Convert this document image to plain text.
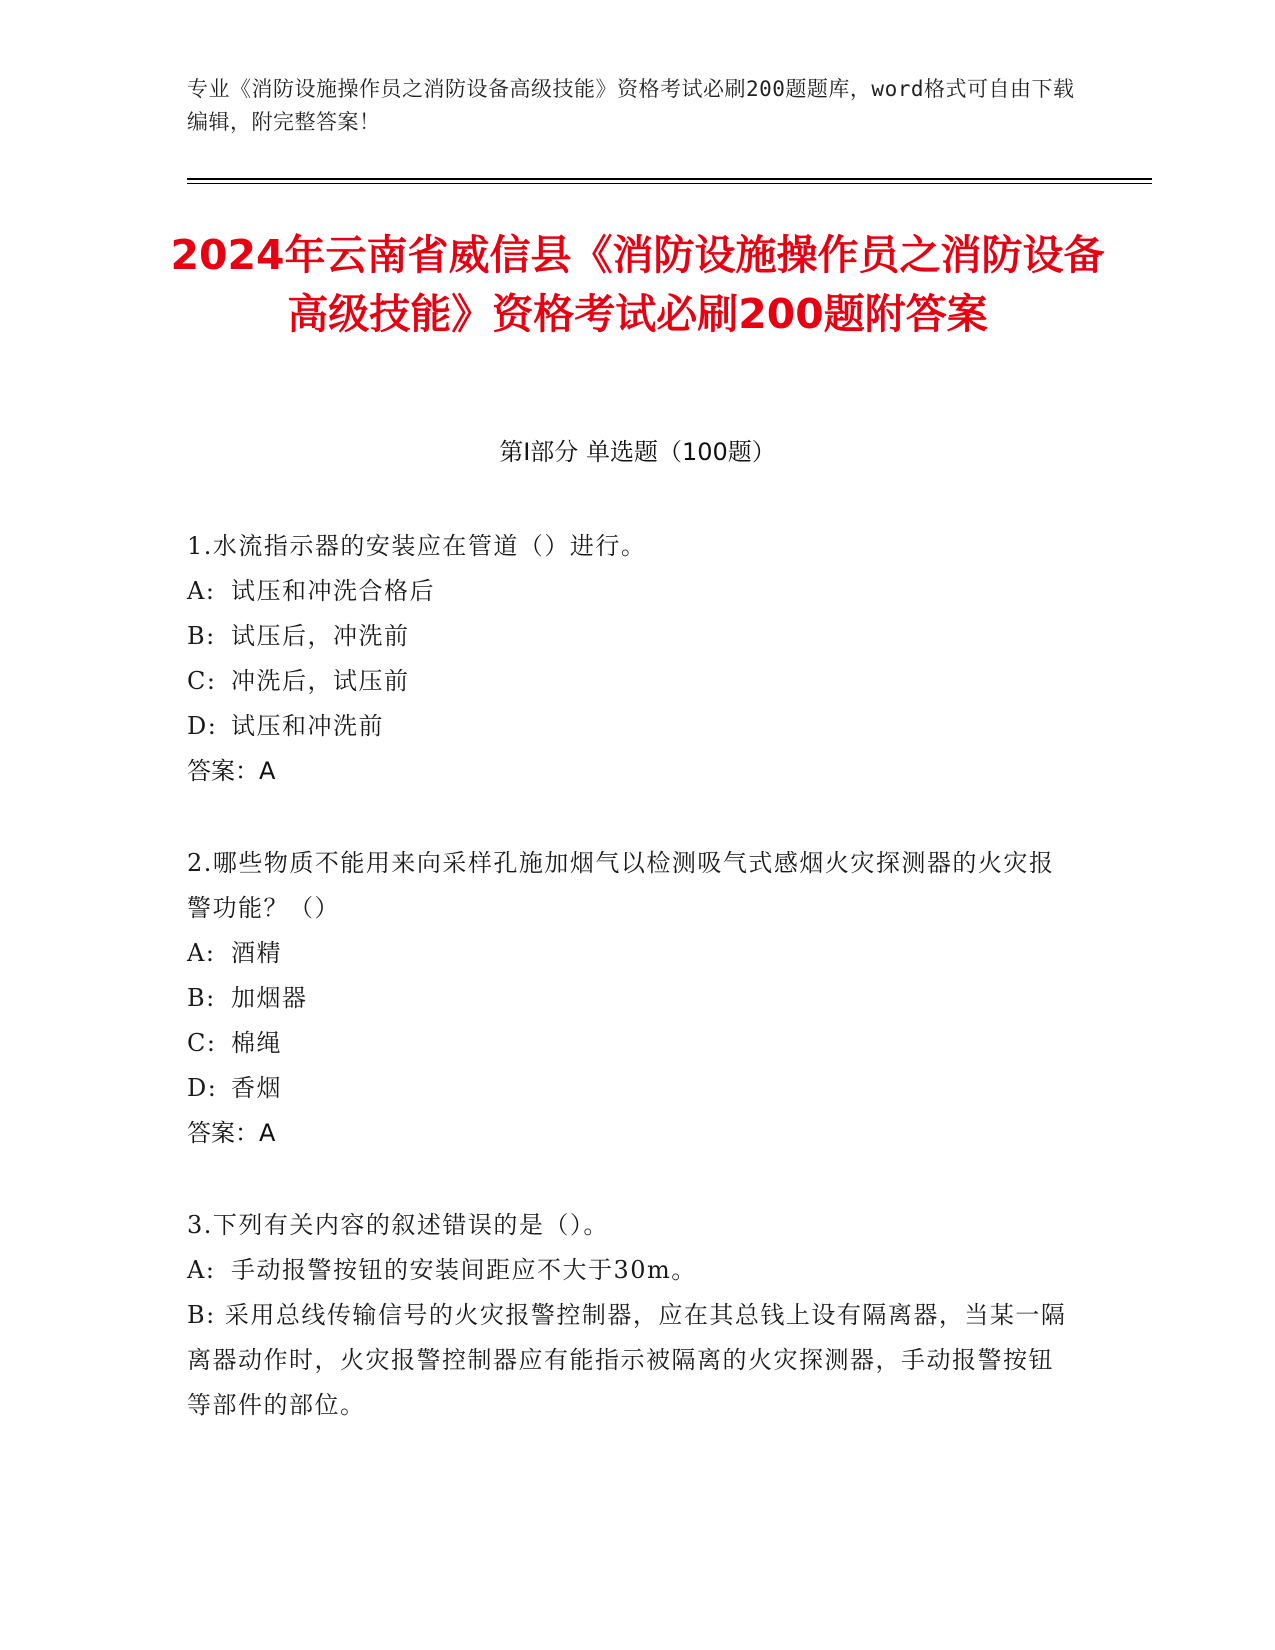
专业《消防设施操作员之消防设备高级技能》资格考试必刷200题题库，word格式可自由下载编辑，附完整答案！
2024年云南省威信县《消防设施操作员之消防设备高级技能》资格考试必刷200题附答案
第Ⅰ部分 单选题（100题）
1.水流指示器的安装应在管道（）进行。
A: 试压和冲洗合格后
B: 试压后，冲洗前
C: 冲洗后，试压前
D: 试压和冲洗前
答案：A
2.哪些物质不能用来向采样孔施加烟气以检测吸气式感烟火灾探测器的火灾报警功能？（）
A: 酒精
B: 加烟器
C: 棉绳
D: 香烟
答案：A
3.下列有关内容的叙述错误的是（）。
A: 手动报警按钮的安装间距应不大于30m。
B: 采用总线传输信号的火灾报警控制器，应在其总钱上设有隔离器，当某一隔离器动作时，火灾报警控制器应有能指示被隔离的火灾探测器，手动报警按钮等部件的部位。
